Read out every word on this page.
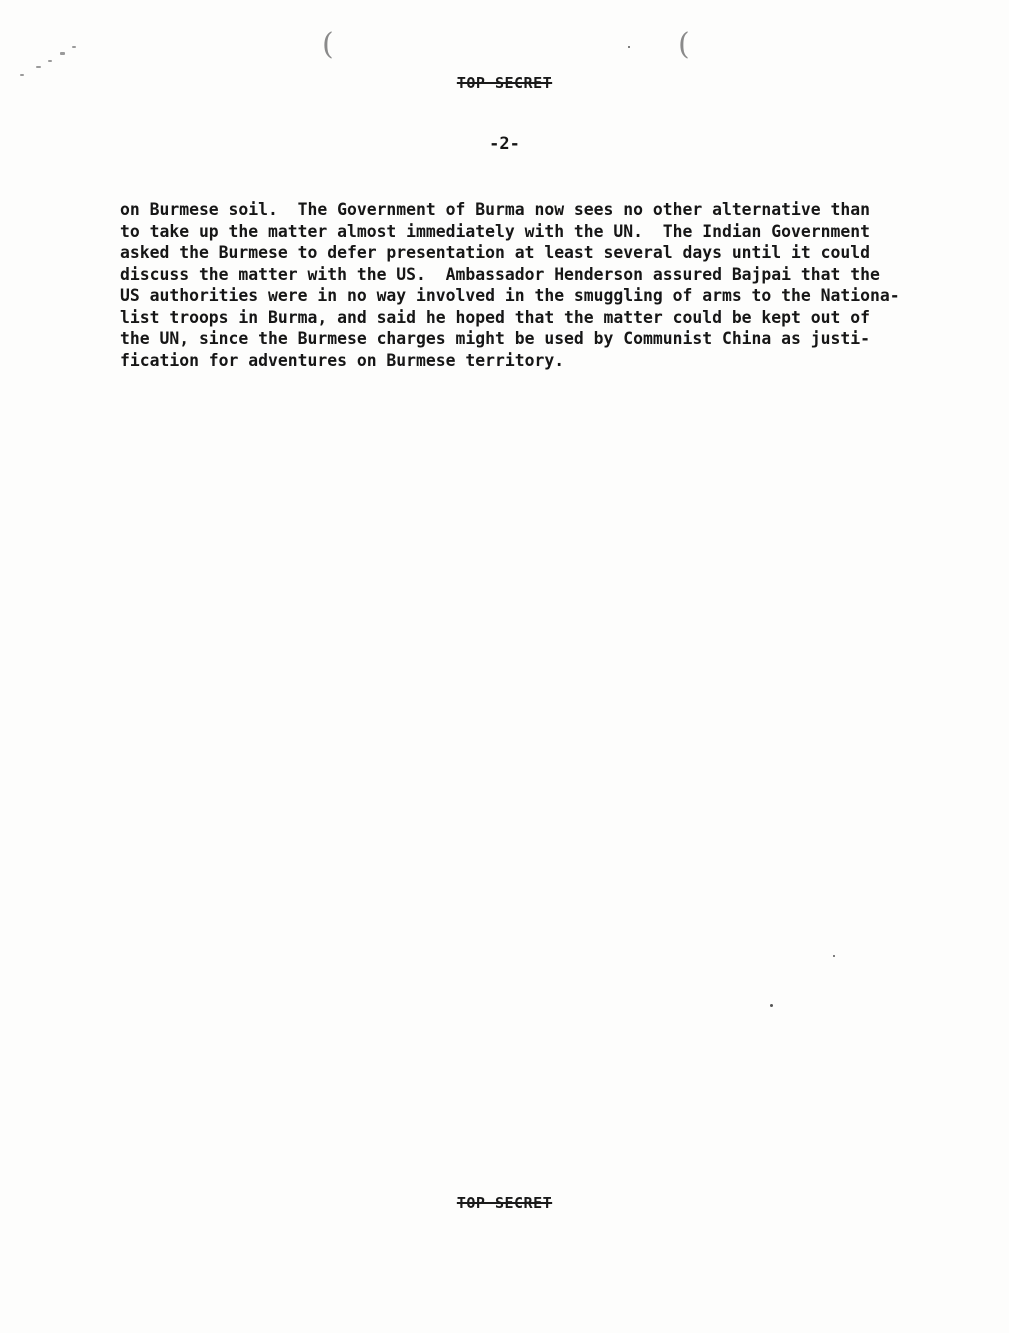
(	(
TOP SECRET
-2-
on Burmese soil.  The Government of Burma now sees no other alternative than
to take up the matter almost immediately with the UN.  The Indian Government
asked the Burmese to defer presentation at least several days until it could
discuss the matter with the US.  Ambassador Henderson assured Bajpai that the
US authorities were in no way involved in the smuggling of arms to the Nationa-
list troops in Burma, and said he hoped that the matter could be kept out of
the UN, since the Burmese charges might be used by Communist China as justi-
fication for adventures on Burmese territory.
TOP SECRET
